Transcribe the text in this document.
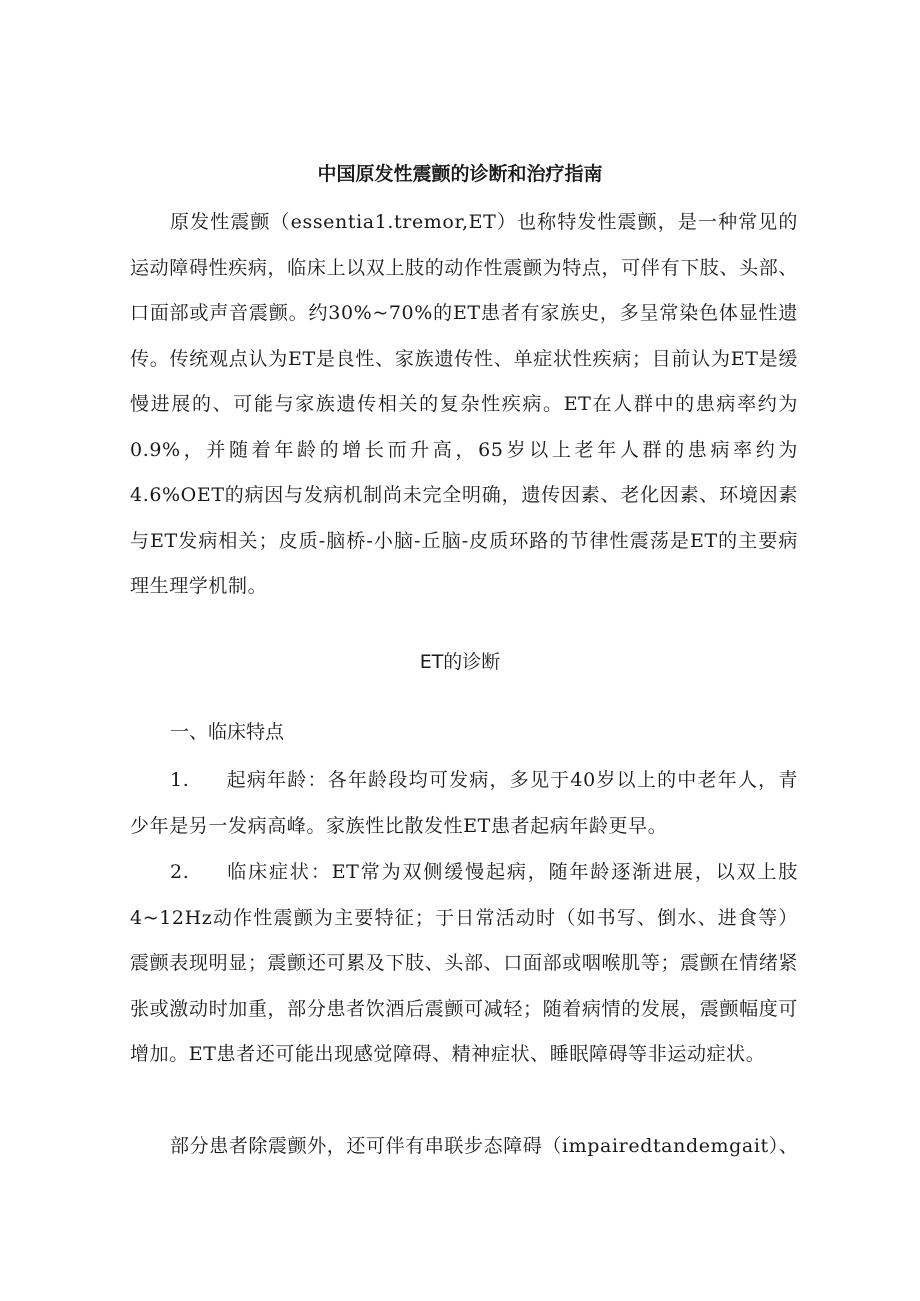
中国原发性震颤的诊断和治疗指南

原发性震颤（essentia1.tremor,ET）也称特发性震颤，是一种常见的运动障碍性疾病，临床上以双上肢的动作性震颤为特点，可伴有下肢、头部、口面部或声音震颤。约30%~70%的ET患者有家族史，多呈常染色体显性遗传。传统观点认为ET是良性、家族遗传性、单症状性疾病；目前认为ET是缓慢进展的、可能与家族遗传相关的复杂性疾病。ET在人群中的患病率约为0.9%，并随着年龄的增长而升高，65岁以上老年人群的患病率约为4.6%OET的病因与发病机制尚未完全明确，遗传因素、老化因素、环境因素与ET发病相关；皮质-脑桥-小脑-丘脑-皮质环路的节律性震荡是ET的主要病理生理学机制。

ET的诊断
一、临床特点

1. 起病年龄：各年龄段均可发病，多见于40岁以上的中老年人，青少年是另一发病高峰。家族性比散发性ET患者起病年龄更早。

2. 临床症状：ET常为双侧缓慢起病，随年龄逐渐进展，以双上肢4~12Hz动作性震颤为主要特征；于日常活动时（如书写、倒水、进食等）震颤表现明显；震颤还可累及下肢、头部、口面部或咽喉肌等；震颤在情绪紧张或激动时加重，部分患者饮酒后震颤可减轻；随着病情的发展，震颤幅度可增加。ET患者还可能出现感觉障碍、精神症状、睡眠障碍等非运动症状。

部分患者除震颤外，还可伴有串联步态障碍（impairedtandemgait）、
